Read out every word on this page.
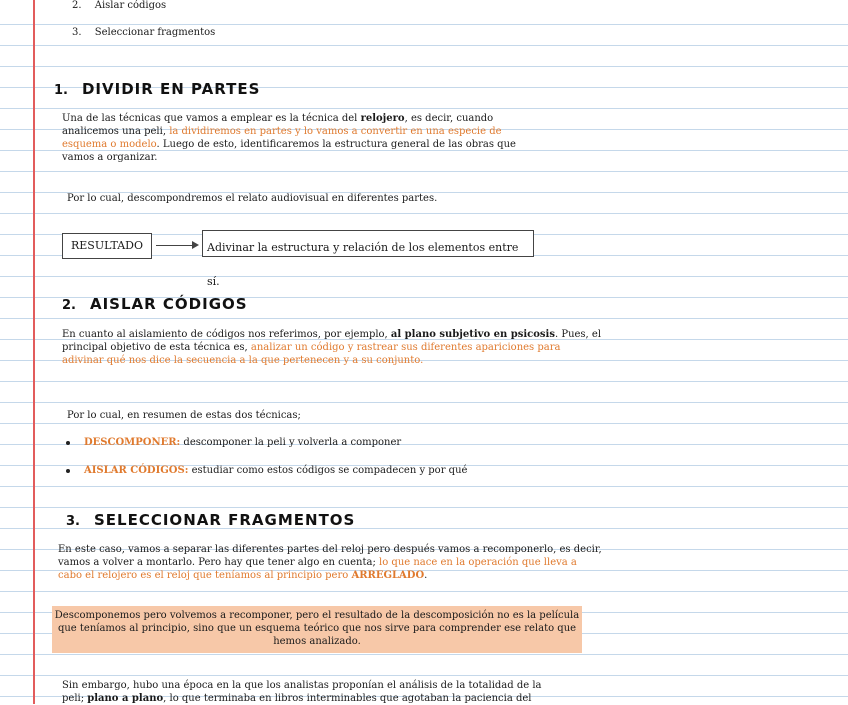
2. Aislar códigos
3. Seleccionar fragmentos
1. DIVIDIR EN PARTES
Una de las técnicas que vamos a emplear es la técnica del relojero, es decir, cuando
analicemos una peli, la dividiremos en partes y lo vamos a convertir en una especie de
esquema o modelo. Luego de esto, identificaremos la estructura general de las obras que
vamos a organizar.
Por lo cual, descompondremos el relato audiovisual en diferentes partes.
RESULTADO	Adivinar la estructura y relación de los elementos entre sí.
2. AISLAR CÓDIGOS
En cuanto al aislamiento de códigos nos referimos, por ejemplo, al plano subjetivo en psicosis. Pues, el
principal objetivo de esta técnica es, analizar un código y rastrear sus diferentes apariciones para
adivinar qué nos dice la secuencia a la que pertenecen y a su conjunto.
Por lo cual, en resumen de estas dos técnicas;
DESCOMPONER: descomponer la peli y volverla a componer
AISLAR CÓDIGOS: estudiar como estos códigos se compadecen y por qué
3. SELECCIONAR FRAGMENTOS
En este caso, vamos a separar las diferentes partes del reloj pero después vamos a recomponerlo, es decir,
vamos a volver a montarlo. Pero hay que tener algo en cuenta; lo que nace en la operación que lleva a
cabo el relojero es el reloj que teníamos al principio pero ARREGLADO.
Descomponemos pero volvemos a recomponer, pero el resultado de la descomposición no es la película
que teníamos al principio, sino que un esquema teórico que nos sirve para comprender ese relato que
hemos analizado.
Sin embargo, hubo una época en la que los analistas proponían el análisis de la totalidad de la
peli; plano a plano, lo que terminaba en libros interminables que agotaban la paciencia del
